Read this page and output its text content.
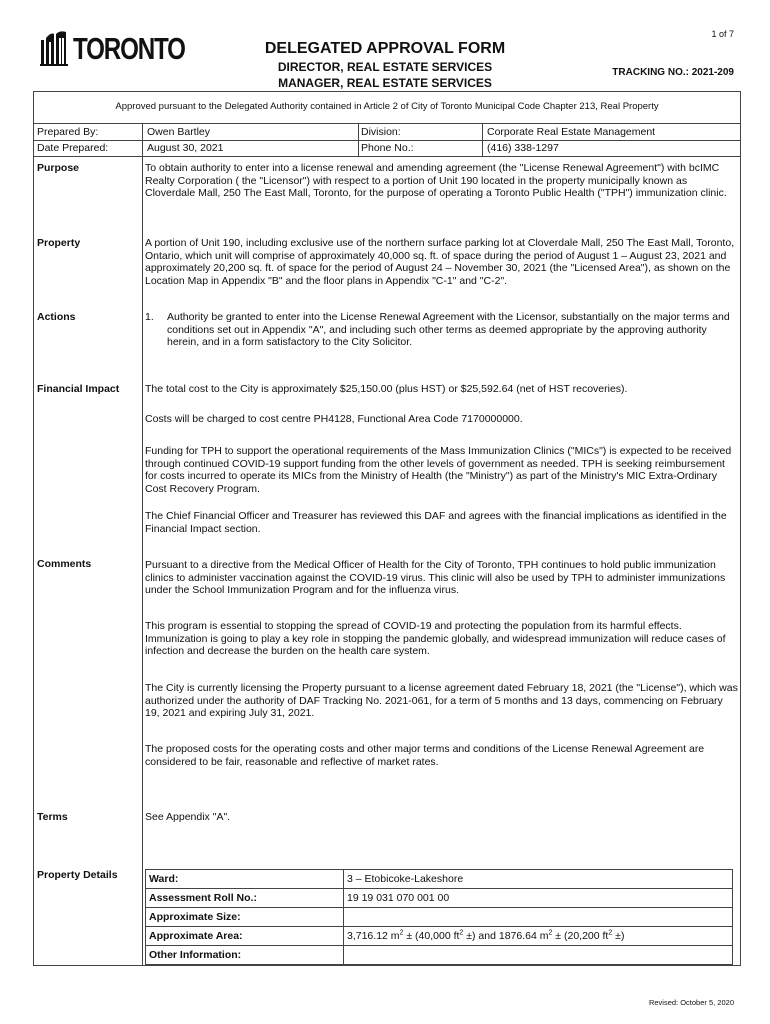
1 of 7
TORONTO	DELEGATED APPROVAL FORM
DIRECTOR, REAL ESTATE SERVICES
MANAGER, REAL ESTATE SERVICES
TRACKING NO.: 2021-209
Approved pursuant to the Delegated Authority contained in Article 2 of City of Toronto Municipal Code Chapter 213, Real Property
Prepared By:	Owen Bartley	Division:	Corporate Real Estate Management
Date Prepared:	August 30, 2021	Phone No.:	(416) 338-1297
Purpose	To obtain authority to enter into a license renewal and amending agreement (the "License Renewal Agreement") with bcIMC Realty Corporation ( the "Licensor") with respect to a portion of Unit 190 located in the property municipally known as Cloverdale Mall, 250 The East Mall, Toronto, for the purpose of operating a Toronto Public Health ("TPH") immunization clinic.

Property	A portion of Unit 190, including exclusive use of the northern surface parking lot at Cloverdale Mall, 250 The East Mall, Toronto, Ontario, which unit will comprise of approximately 40,000 sq. ft. of space during the period of August 1 – August 23, 2021 and approximately 20,200 sq. ft. of space for the period of August 24 – November 30, 2021 (the "Licensed Area"), as shown on the Location Map in Appendix "B" and the floor plans in Appendix "C-1" and "C-2".

Actions	1. Authority be granted to enter into the License Renewal Agreement with the Licensor, substantially on the major terms and conditions set out in Appendix "A", and including such other terms as deemed appropriate by the approving authority herein, and in a form satisfactory to the City Solicitor.

Financial Impact The total cost to the City is approximately $25,150.00 (plus HST) or $25,592.64 (net of HST recoveries).

Costs will be charged to cost centre PH4128, Functional Area Code 7170000000.

Funding for TPH to support the operational requirements of the Mass Immunization Clinics ("MICs") is expected to be received through continued COVID-19 support funding from the other levels of government as needed. TPH is seeking reimbursement for costs incurred to operate its MICs from the Ministry of Health (the "Ministry") as part of the Ministry's MIC Extra-Ordinary Cost Recovery Program.

The Chief Financial Officer and Treasurer has reviewed this DAF and agrees with the financial implications as identified in the Financial Impact section.

Comments	Pursuant to a directive from the Medical Officer of Health for the City of Toronto, TPH continues to hold public immunization clinics to administer vaccination against the COVID-19 virus. This clinic will also be used by TPH to administer immunizations under the School Immunization Program and for the influenza virus.

This program is essential to stopping the spread of COVID-19 and protecting the population from its harmful effects. Immunization is going to play a key role in stopping the pandemic globally, and widespread immunization will reduce cases of infection and decrease the burden on the health care system.

The City is currently licensing the Property pursuant to a license agreement dated February 18, 2021 (the "License"), which was authorized under the authority of DAF Tracking No. 2021-061, for a term of 5 months and 13 days, commencing on February 19, 2021 and expiring July 31, 2021.

The proposed costs for the operating costs and other major terms and conditions of the License Renewal Agreement are considered to be fair, reasonable and reflective of market rates.

Terms	See Appendix "A".

Property Details	Ward:	3 – Etobicoke-Lakeshore
Assessment Roll No.:	19 19 031 070 001 00
Approximate Size:	
Approximate Area:	3,716.12 $m^2 \pm (40,000$ $ft^2$ ±) and 1876.64 $m^2 \pm (20,200$ $ft^2$ ±)
Other Information:	
Revised: October 5, 2020
